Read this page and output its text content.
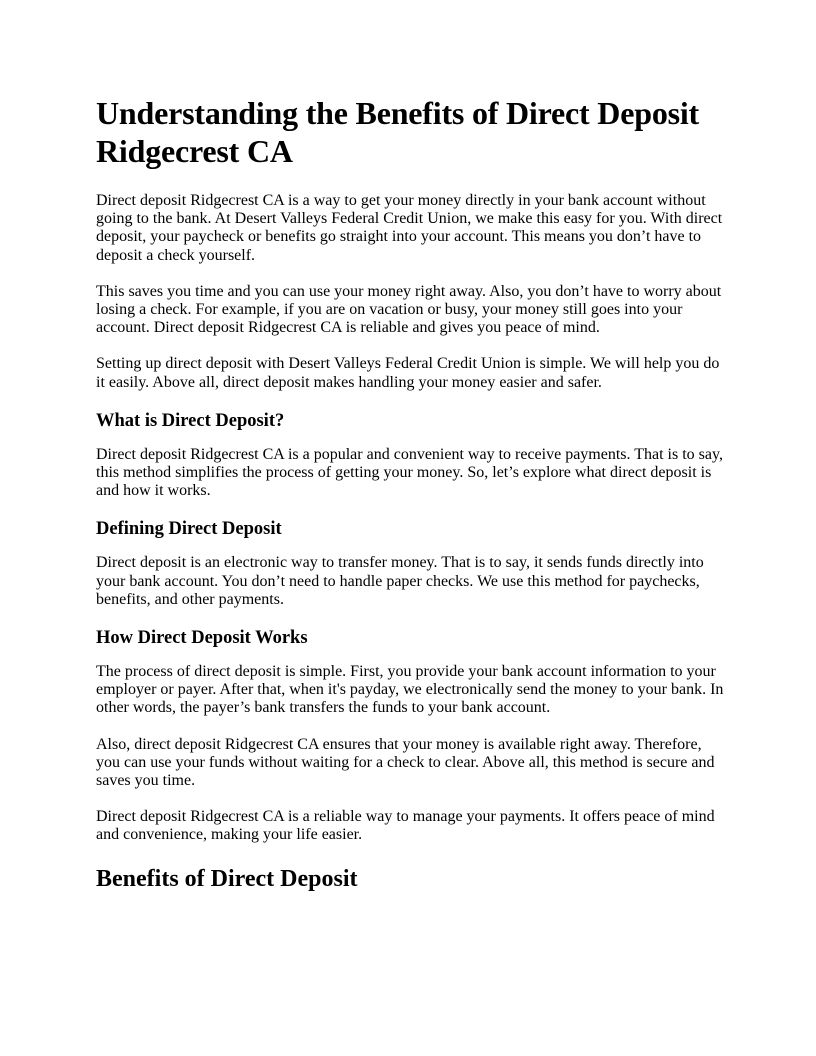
Understanding the Benefits of Direct Deposit Ridgecrest CA

Direct deposit Ridgecrest CA is a way to get your money directly in your bank account without going to the bank. At Desert Valleys Federal Credit Union, we make this easy for you. With direct deposit, your paycheck or benefits go straight into your account. This means you don’t have to deposit a check yourself.

This saves you time and you can use your money right away. Also, you don’t have to worry about losing a check. For example, if you are on vacation or busy, your money still goes into your account. Direct deposit Ridgecrest CA is reliable and gives you peace of mind.

Setting up direct deposit with Desert Valleys Federal Credit Union is simple. We will help you do it easily. Above all, direct deposit makes handling your money easier and safer.

What is Direct Deposit?

Direct deposit Ridgecrest CA is a popular and convenient way to receive payments. That is to say, this method simplifies the process of getting your money. So, let’s explore what direct deposit is and how it works.

Defining Direct Deposit

Direct deposit is an electronic way to transfer money. That is to say, it sends funds directly into your bank account. You don’t need to handle paper checks. We use this method for paychecks, benefits, and other payments.

How Direct Deposit Works

The process of direct deposit is simple. First, you provide your bank account information to your employer or payer. After that, when it's payday, we electronically send the money to your bank. In other words, the payer’s bank transfers the funds to your bank account.

Also, direct deposit Ridgecrest CA ensures that your money is available right away. Therefore, you can use your funds without waiting for a check to clear. Above all, this method is secure and saves you time.

Direct deposit Ridgecrest CA is a reliable way to manage your payments. It offers peace of mind and convenience, making your life easier.

Benefits of Direct Deposit
